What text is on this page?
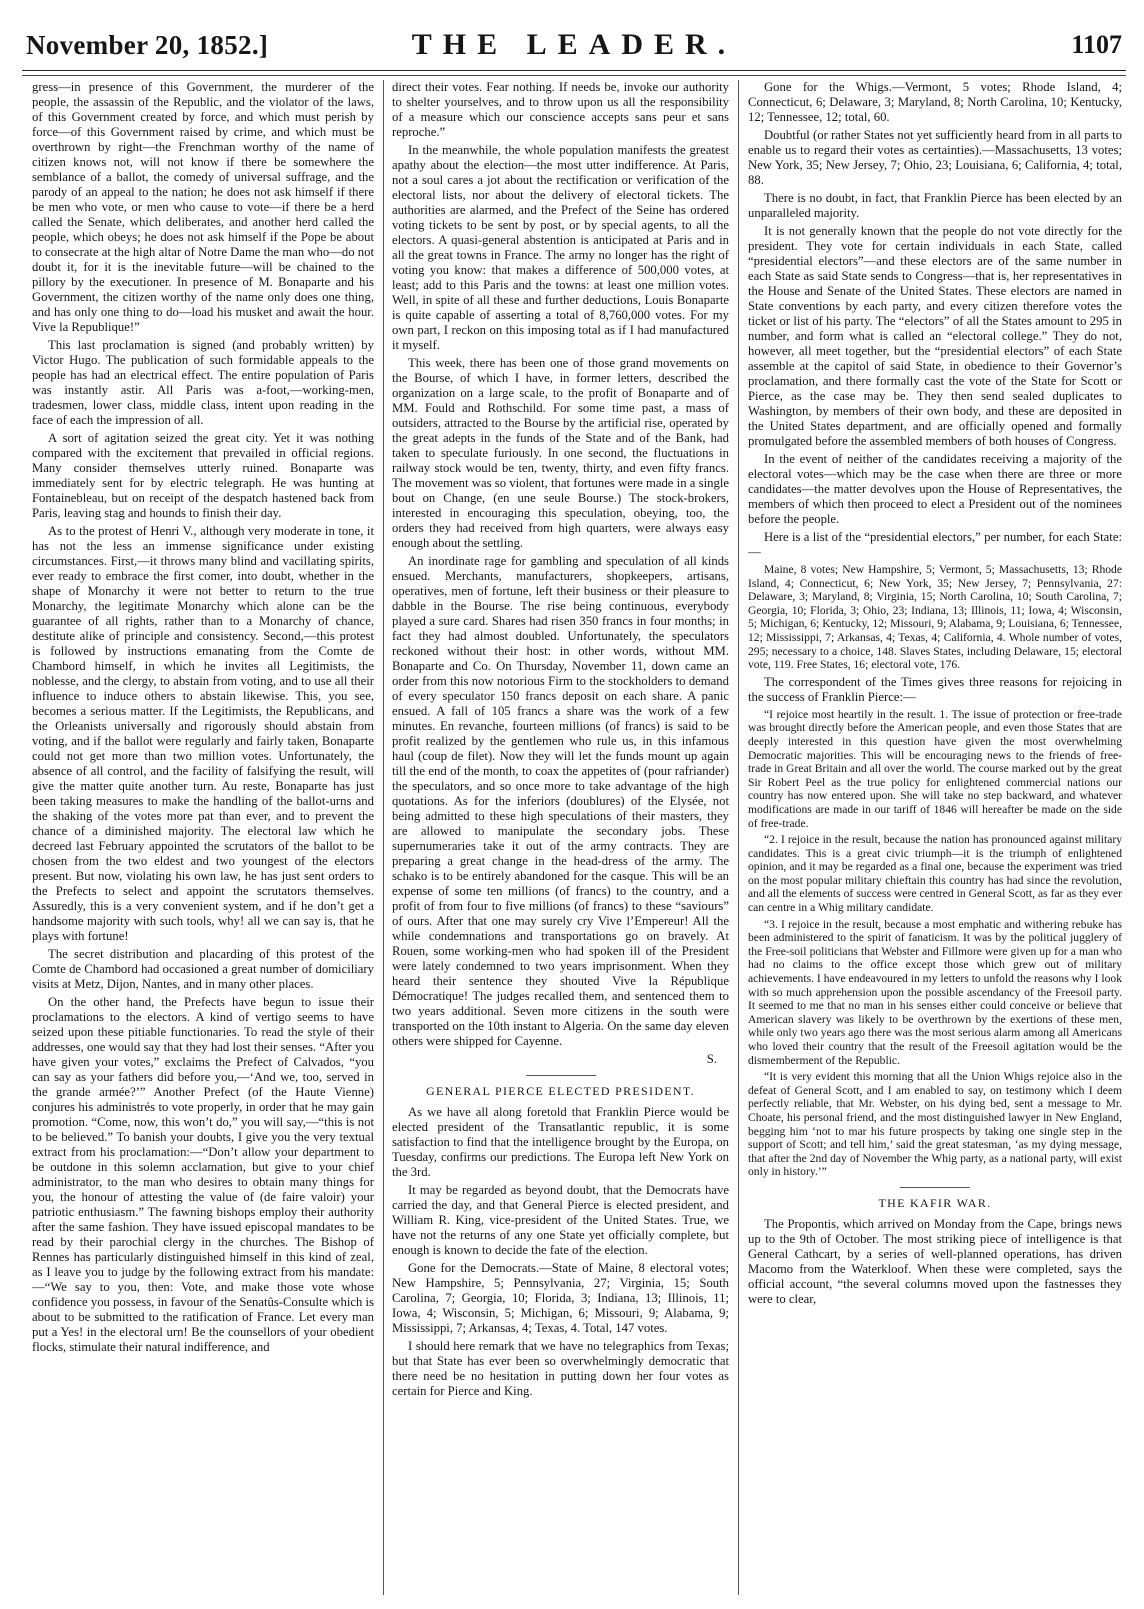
November 20, 1852.]	THE LEADER.	1107

gress—in presence of this Government, the murderer of the people, the assassin of the Republic, and the violator of the laws, of this Government created by force, and which must perish by force—of this Government raised by crime, and which must be overthrown by right—the Frenchman worthy of the name of citizen knows not, will not know if there be somewhere the semblance of a ballot, the comedy of universal suffrage, and the parody of an appeal to the nation; he does not ask himself if there be men who vote, or men who cause to vote—if there be a herd called the Senate, which deliberates, and another herd called the people, which obeys; he does not ask himself if the Pope be about to consecrate at the high altar of Notre Dame the man who—do not doubt it, for it is the inevitable future—will be chained to the pillory by the executioner. In presence of M. Bonaparte and his Government, the citizen worthy of the name only does one thing, and has only one thing to do—load his musket and await the hour. Vive la Republique!”

This last proclamation is signed (and probably written) by Victor Hugo. The publication of such formidable appeals to the people has had an electrical effect. The entire population of Paris was instantly astir. All Paris was a-foot,—working-men, tradesmen, lower class, middle class, intent upon reading in the face of each the impression of all.

A sort of agitation seized the great city. Yet it was nothing compared with the excitement that prevailed in official regions. Many consider themselves utterly ruined. Bonaparte was immediately sent for by electric telegraph. He was hunting at Fontainebleau, but on receipt of the despatch hastened back from Paris, leaving stag and hounds to finish their day.

As to the protest of Henri V., although very moderate in tone, it has not the less an immense significance under existing circumstances. First,—it throws many blind and vacillating spirits, ever ready to embrace the first comer, into doubt, whether in the shape of Monarchy it were not better to return to the true Monarchy, the legitimate Monarchy which alone can be the guarantee of all rights, rather than to a Monarchy of chance, destitute alike of principle and consistency. Second,—this protest is followed by instructions emanating from the Comte de Chambord himself, in which he invites all Legitimists, the noblesse, and the clergy, to abstain from voting, and to use all their influence to induce others to abstain likewise. This, you see, becomes a serious matter. If the Legitimists, the Republicans, and the Orleanists universally and rigorously should abstain from voting, and if the ballot were regularly and fairly taken, Bonaparte could not get more than two million votes. Unfortunately, the absence of all control, and the facility of falsifying the result, will give the matter quite another turn. Au reste, Bonaparte has just been taking measures to make the handling of the ballot-urns and the shaking of the votes more pat than ever, and to prevent the chance of a diminished majority. The electoral law which he decreed last February appointed the scrutators of the ballot to be chosen from the two eldest and two youngest of the electors present. But now, violating his own law, he has just sent orders to the Prefects to select and appoint the scrutators themselves. Assuredly, this is a very convenient system, and if he don’t get a handsome majority with such tools, why! all we can say is, that he plays with fortune!

The secret distribution and placarding of this protest of the Comte de Chambord had occasioned a great number of domiciliary visits at Metz, Dijon, Nantes, and in many other places.

On the other hand, the Prefects have begun to issue their proclamations to the electors. A kind of vertigo seems to have seized upon these pitiable functionaries. To read the style of their addresses, one would say that they had lost their senses. “After you have given your votes,” exclaims the Prefect of Calvados, “you can say as your fathers did before you,—‘And we, too, served in the grande armée?’” Another Prefect (of the Haute Vienne) conjures his administrés to vote properly, in order that he may gain promotion. “Come, now, this won’t do,” you will say,—“this is not to be believed.” To banish your doubts, I give you the very textual extract from his proclamation:—“Don’t allow your department to be outdone in this solemn acclamation, but give to your chief administrator, to the man who desires to obtain many things for you, the honour of attesting the value of (de faire valoir) your patriotic enthusiasm.” The fawning bishops employ their authority after the same fashion. They have issued episcopal mandates to be read by their parochial clergy in the churches. The Bishop of Rennes has particularly distinguished himself in this kind of zeal, as I leave you to judge by the following extract from his mandate:—“We say to you, then: Vote, and make those vote whose confidence you possess, in favour of the Senatûs-Consulte which is about to be submitted to the ratification of France. Let every man put a Yes! in the electoral urn! Be the counsellors of your obedient flocks, stimulate their natural indifference, and

direct their votes. Fear nothing. If needs be, invoke our authority to shelter yourselves, and to throw upon us all the responsibility of a measure which our conscience accepts sans peur et sans reproche.”

In the meanwhile, the whole population manifests the greatest apathy about the election—the most utter indifference. At Paris, not a soul cares a jot about the rectification or verification of the electoral lists, nor about the delivery of electoral tickets. The authorities are alarmed, and the Prefect of the Seine has ordered voting tickets to be sent by post, or by special agents, to all the electors. A quasi-general abstention is anticipated at Paris and in all the great towns in France. The army no longer has the right of voting you know: that makes a difference of 500,000 votes, at least; add to this Paris and the towns: at least one million votes. Well, in spite of all these and further deductions, Louis Bonaparte is quite capable of asserting a total of 8,760,000 votes. For my own part, I reckon on this imposing total as if I had manufactured it myself.

This week, there has been one of those grand movements on the Bourse, of which I have, in former letters, described the organization on a large scale, to the profit of Bonaparte and of MM. Fould and Rothschild. For some time past, a mass of outsiders, attracted to the Bourse by the artificial rise, operated by the great adepts in the funds of the State and of the Bank, had taken to speculate furiously. In one second, the fluctuations in railway stock would be ten, twenty, thirty, and even fifty francs. The movement was so violent, that fortunes were made in a single bout on Change, (en une seule Bourse.) The stock-brokers, interested in encouraging this speculation, obeying, too, the orders they had received from high quarters, were always easy enough about the settling.

An inordinate rage for gambling and speculation of all kinds ensued. Merchants, manufacturers, shopkeepers, artisans, operatives, men of fortune, left their business or their pleasure to dabble in the Bourse. The rise being continuous, everybody played a sure card. Shares had risen 350 francs in four months; in fact they had almost doubled. Unfortunately, the speculators reckoned without their host: in other words, without MM. Bonaparte and Co. On Thursday, November 11, down came an order from this now notorious Firm to the stockholders to demand of every speculator 150 francs deposit on each share. A panic ensued. A fall of 105 francs a share was the work of a few minutes. En revanche, fourteen millions (of francs) is said to be profit realized by the gentlemen who rule us, in this infamous haul (coup de filet). Now they will let the funds mount up again till the end of the month, to coax the appetites of (pour rafriander) the speculators, and so once more to take advantage of the high quotations. As for the inferiors (doublures) of the Elysée, not being admitted to these high speculations of their masters, they are allowed to manipulate the secondary jobs. These supernumeraries take it out of the army contracts. They are preparing a great change in the head-dress of the army. The schako is to be entirely abandoned for the casque. This will be an expense of some ten millions (of francs) to the country, and a profit of from four to five millions (of francs) to these “saviours” of ours. After that one may surely cry Vive l’Empereur! All the while condemnations and transportations go on bravely. At Rouen, some working-men who had spoken ill of the President were lately condemned to two years imprisonment. When they heard their sentence they shouted Vive la République Démocratique! The judges recalled them, and sentenced them to two years additional. Seven more citizens in the south were transported on the 10th instant to Algeria. On the same day eleven others were shipped for Cayenne.

S.

GENERAL PIERCE ELECTED PRESIDENT.

As we have all along foretold that Franklin Pierce would be elected president of the Transatlantic republic, it is some satisfaction to find that the intelligence brought by the Europa, on Tuesday, confirms our predictions. The Europa left New York on the 3rd.

It may be regarded as beyond doubt, that the Democrats have carried the day, and that General Pierce is elected president, and William R. King, vice-president of the United States. True, we have not the returns of any one State yet officially complete, but enough is known to decide the fate of the election.

Gone for the Democrats.—State of Maine, 8 electoral votes; New Hampshire, 5; Pennsylvania, 27; Virginia, 15; South Carolina, 7; Georgia, 10; Florida, 3; Indiana, 13; Illinois, 11; Iowa, 4; Wisconsin, 5; Michigan, 6; Missouri, 9; Alabama, 9; Mississippi, 7; Arkansas, 4; Texas, 4. Total, 147 votes.

I should here remark that we have no telegraphics from Texas; but that State has ever been so overwhelmingly democratic that there need be no hesitation in putting down her four votes as certain for Pierce and King.

Gone for the Whigs.—Vermont, 5 votes; Rhode Island, 4; Connecticut, 6; Delaware, 3; Maryland, 8; North Carolina, 10; Kentucky, 12; Tennessee, 12; total, 60.

Doubtful (or rather States not yet sufficiently heard from in all parts to enable us to regard their votes as certainties).—Massachusetts, 13 votes; New York, 35; New Jersey, 7; Ohio, 23; Louisiana, 6; California, 4; total, 88.

There is no doubt, in fact, that Franklin Pierce has been elected by an unparalleled majority.

It is not generally known that the people do not vote directly for the president. They vote for certain individuals in each State, called “presidential electors”—and these electors are of the same number in each State as said State sends to Congress—that is, her representatives in the House and Senate of the United States. These electors are named in State conventions by each party, and every citizen therefore votes the ticket or list of his party. The “electors” of all the States amount to 295 in number, and form what is called an “electoral college.” They do not, however, all meet together, but the “presidential electors” of each State assemble at the capitol of said State, in obedience to their Governor’s proclamation, and there formally cast the vote of the State for Scott or Pierce, as the case may be. They then send sealed duplicates to Washington, by members of their own body, and these are deposited in the United States department, and are officially opened and formally promulgated before the assembled members of both houses of Congress.

In the event of neither of the candidates receiving a majority of the electoral votes—which may be the case when there are three or more candidates—the matter devolves upon the House of Representatives, the members of which then proceed to elect a President out of the nominees before the people.

Here is a list of the “presidential electors,” per number, for each State:—

Maine, 8 votes; New Hampshire, 5; Vermont, 5; Massachusetts, 13; Rhode Island, 4; Connecticut, 6; New York, 35; New Jersey, 7; Pennsylvania, 27: Delaware, 3; Maryland, 8; Virginia, 15; North Carolina, 10; South Carolina, 7; Georgia, 10; Florida, 3; Ohio, 23; Indiana, 13; Illinois, 11; Iowa, 4; Wisconsin, 5; Michigan, 6; Kentucky, 12; Missouri, 9; Alabama, 9; Louisiana, 6; Tennessee, 12; Mississippi, 7; Arkansas, 4; Texas, 4; California, 4. Whole number of votes, 295; necessary to a choice, 148. Slaves States, including Delaware, 15; electoral vote, 119. Free States, 16; electoral vote, 176.

The correspondent of the Times gives three reasons for rejoicing in the success of Franklin Pierce:—

“I rejoice most heartily in the result. 1. The issue of protection or free-trade was brought directly before the American people, and even those States that are deeply interested in this question have given the most overwhelming Democratic majorities. This will be encouraging news to the friends of free-trade in Great Britain and all over the world. The course marked out by the great Sir Robert Peel as the true policy for enlightened commercial nations our country has now entered upon. She will take no step backward, and whatever modifications are made in our tariff of 1846 will hereafter be made on the side of free-trade.

“2. I rejoice in the result, because the nation has pronounced against military candidates. This is a great civic triumph—it is the triumph of enlightened opinion, and it may be regarded as a final one, because the experiment was tried on the most popular military chieftain this country has had since the revolution, and all the elements of success were centred in General Scott, as far as they ever can centre in a Whig military candidate.

“3. I rejoice in the result, because a most emphatic and withering rebuke has been administered to the spirit of fanaticism. It was by the political jugglery of the Free-soil politicians that Webster and Fillmore were given up for a man who had no claims to the office except those which grew out of military achievements. I have endeavoured in my letters to unfold the reasons why I look with so much apprehension upon the possible ascendancy of the Freesoil party. It seemed to me that no man in his senses either could conceive or believe that American slavery was likely to be overthrown by the exertions of these men, while only two years ago there was the most serious alarm among all Americans who loved their country that the result of the Freesoil agitation would be the dismemberment of the Republic.

“It is very evident this morning that all the Union Whigs rejoice also in the defeat of General Scott, and I am enabled to say, on testimony which I deem perfectly reliable, that Mr. Webster, on his dying bed, sent a message to Mr. Choate, his personal friend, and the most distinguished lawyer in New England, begging him ‘not to mar his future prospects by taking one single step in the support of Scott; and tell him,’ said the great statesman, ‘as my dying message, that after the 2nd day of November the Whig party, as a national party, will exist only in history.’”

THE KAFIR WAR.

The Propontis, which arrived on Monday from the Cape, brings news up to the 9th of October. The most striking piece of intelligence is that General Cathcart, by a series of well-planned operations, has driven Macomo from the Waterkloof. When these were completed, says the official account, “the several columns moved upon the fastnesses they were to clear,
